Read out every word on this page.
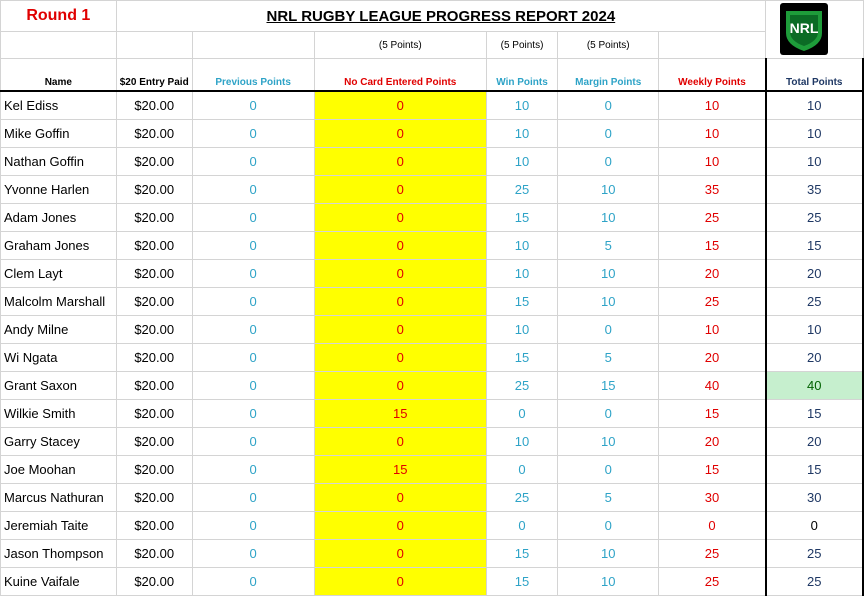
Round 1	NRL RUGBY LEAGUE PROGRESS REPORT 2024						NRL

			(5 Points)	(5 Points)	(5 Points)		
Name	$20 Entry Paid	Previous Points	No Card Entered Points	Win Points	Margin Points	Weekly Points	Total Points
Kel Ediss	$20.00	0	0	10	0	10	10
Mike Goffin	$20.00	0	0	10	0	10	10
Nathan Goffin	$20.00	0	0	10	0	10	10
Yvonne Harlen	$20.00	0	0	25	10	35	35
Adam Jones	$20.00	0	0	15	10	25	25
Graham Jones	$20.00	0	0	10	5	15	15
Clem Layt	$20.00	0	0	10	10	20	20
Malcolm Marshall	$20.00	0	0	15	10	25	25
Andy Milne	$20.00	0	0	10	0	10	10
Wi Ngata	$20.00	0	0	15	5	20	20
Grant Saxon	$20.00	0	0	25	15	40	40
Wilkie Smith	$20.00	0	15	0	0	15	15
Garry Stacey	$20.00	0	0	10	10	20	20
Joe Moohan	$20.00	0	15	0	0	15	15
Marcus Nathuran	$20.00	0	0	25	5	30	30
Jeremiah Taite	$20.00	0	0	0	0	0	0
Jason Thompson	$20.00	0	0	15	10	25	25
Kuine Vaifale	$20.00	0	0	15	10	25	25
